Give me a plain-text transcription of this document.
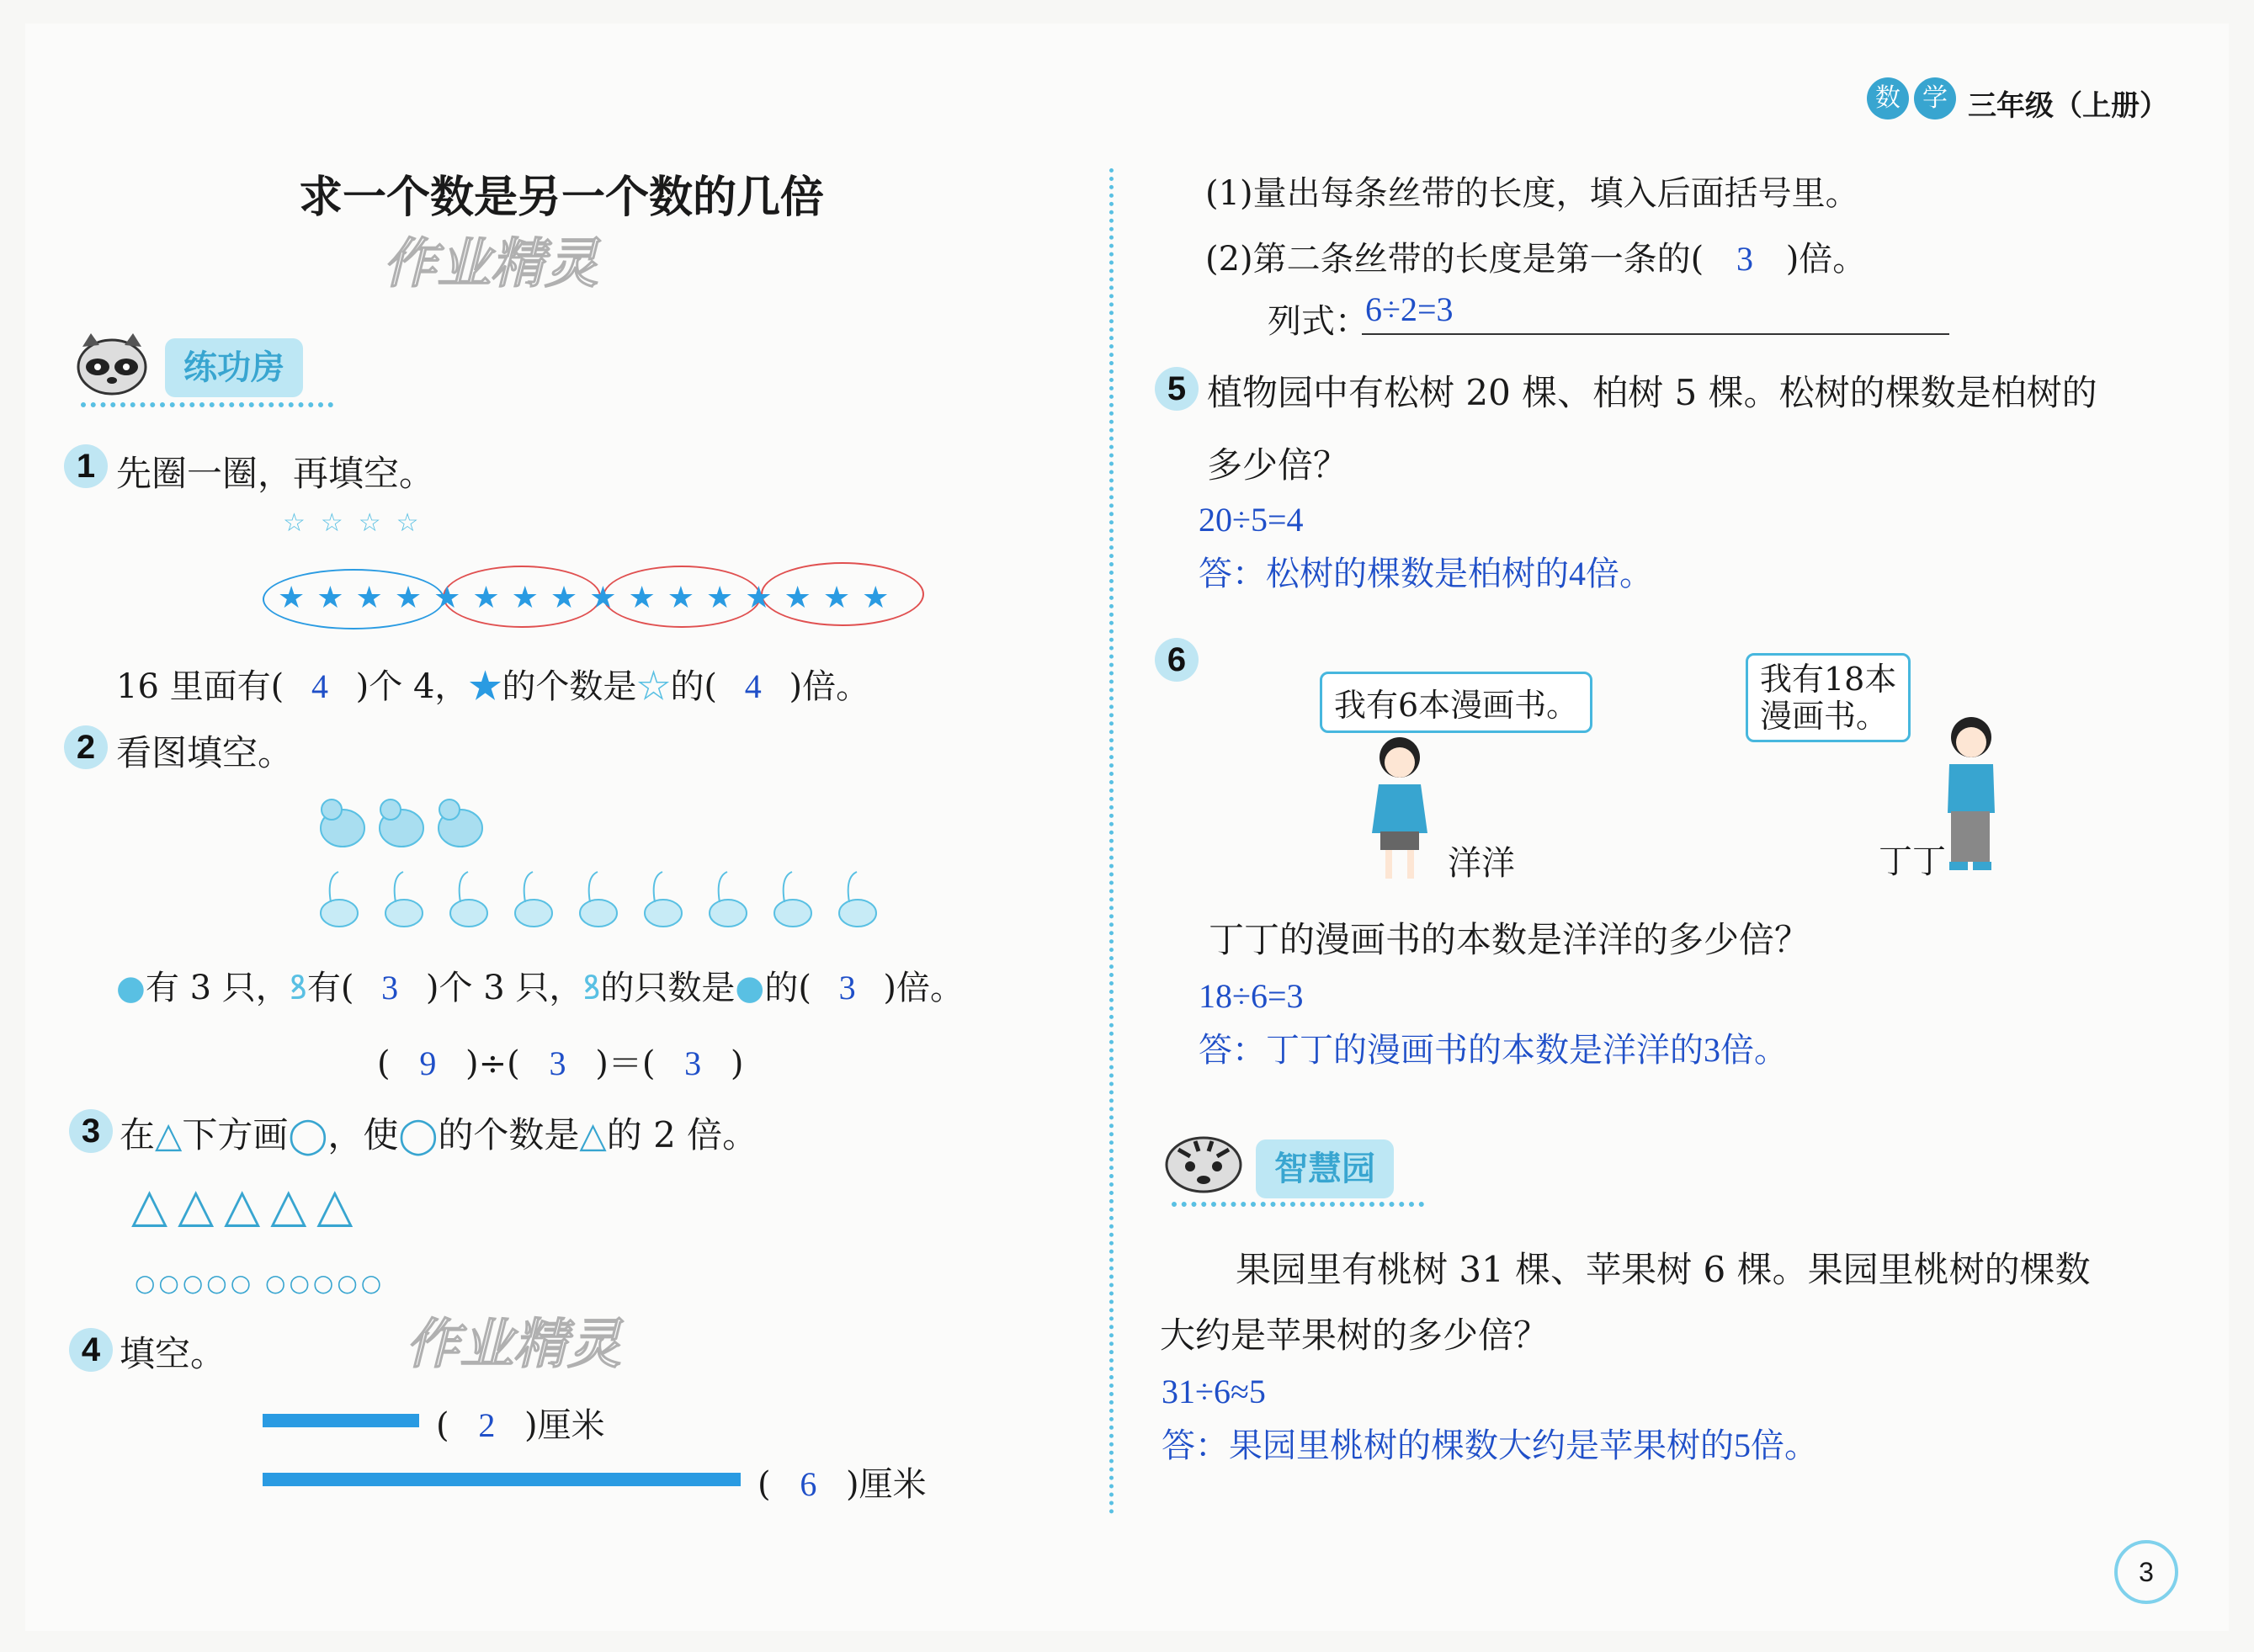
数 学 三年级（上册）
求一个数是另一个数的几倍
作业精灵
练功房
1 先圈一圈，再填空。
☆☆☆☆
★★★★★★★★★★★★★★★★
16 里面有( 4 )个 4，★的个数是☆的( 4 )倍。
2 看图填空。
●有 3 只，ꝸ有( 3 )个 3 只，ꝸ的只数是●的( 3 )倍。
( 9 )÷( 3 )＝( 3 )
3 在△下方画◯，使◯的个数是△的 2 倍。
△△△△△
○○○○○ ○○○○○
作业精灵
4 填空。
( 2 )厘米
( 6 )厘米
(1)量出每条丝带的长度，填入后面括号里。
(2)第二条丝带的长度是第一条的( 3 )倍。
列式：
6÷2=3
5 植物园中有松树 20 棵、柏树 5 棵。松树的棵数是柏树的
多少倍？
20÷5=4
答：松树的棵数是柏树的4倍。
6
我有6本漫画书。
我有18本
漫画书。
洋洋	丁丁
丁丁的漫画书的本数是洋洋的多少倍？
18÷6=3
答：丁丁的漫画书的本数是洋洋的3倍。
智慧园
果园里有桃树 31 棵、苹果树 6 棵。果园里桃树的棵数
大约是苹果树的多少倍？
31÷6≈5
答：果园里桃树的棵数大约是苹果树的5倍。
3
